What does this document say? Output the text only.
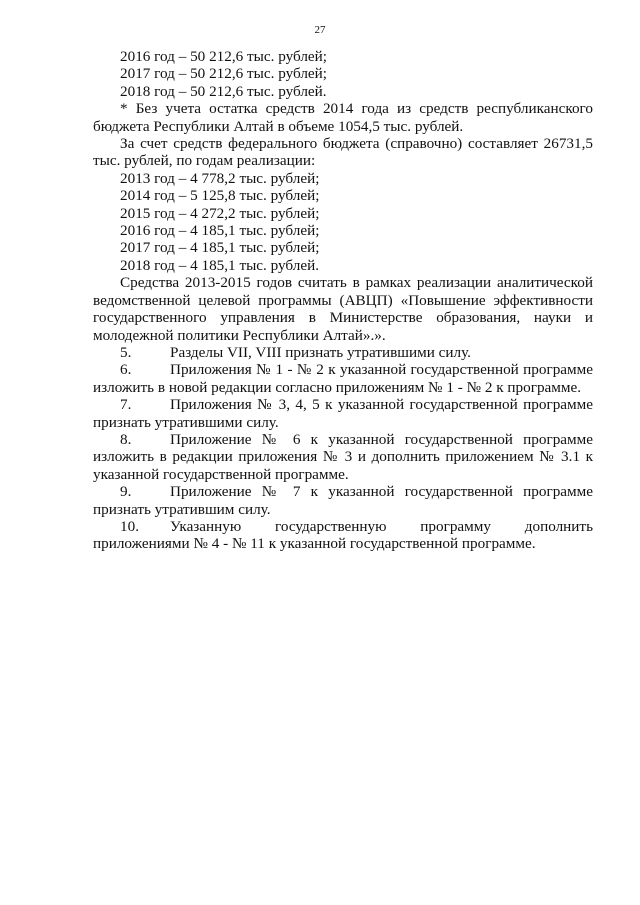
27

2016 год – 50 212,6 тыс. рублей;

2017 год – 50 212,6 тыс. рублей;

2018 год – 50 212,6 тыс. рублей.

* Без учета остатка средств 2014 года из средств республиканского бюджета Республики Алтай в объеме 1054,5 тыс. рублей.

За счет средств федерального бюджета (справочно) составляет 26731,5 тыс. рублей, по годам реализации:

2013 год – 4 778,2 тыс. рублей;

2014 год – 5 125,8 тыс. рублей;

2015 год – 4 272,2 тыс. рублей;

2016 год – 4 185,1 тыс. рублей;

2017 год – 4 185,1 тыс. рублей;

2018 год – 4 185,1 тыс. рублей.

Средства 2013-2015 годов считать в рамках реализации аналитической ведомственной целевой программы (АВЦП) «Повышение эффективности государственного управления в Министерстве образования, науки и молодежной политики Республики Алтай».».

5.	Разделы VII, VIII признать утратившими силу.

6.	Приложения № 1 - № 2 к указанной государственной программе изложить в новой редакции согласно приложениям № 1 - № 2 к программе.

7.	Приложения № 3, 4, 5 к указанной государственной программе признать утратившими силу.

8.	Приложение № 6 к указанной государственной программе изложить в редакции приложения № 3 и дополнить приложением № 3.1 к указанной государственной программе.

9.	Приложение № 7 к указанной государственной программе признать утратившим силу.

10. Указанную государственную программу дополнить приложениями № 4 - № 11 к указанной государственной программе.
